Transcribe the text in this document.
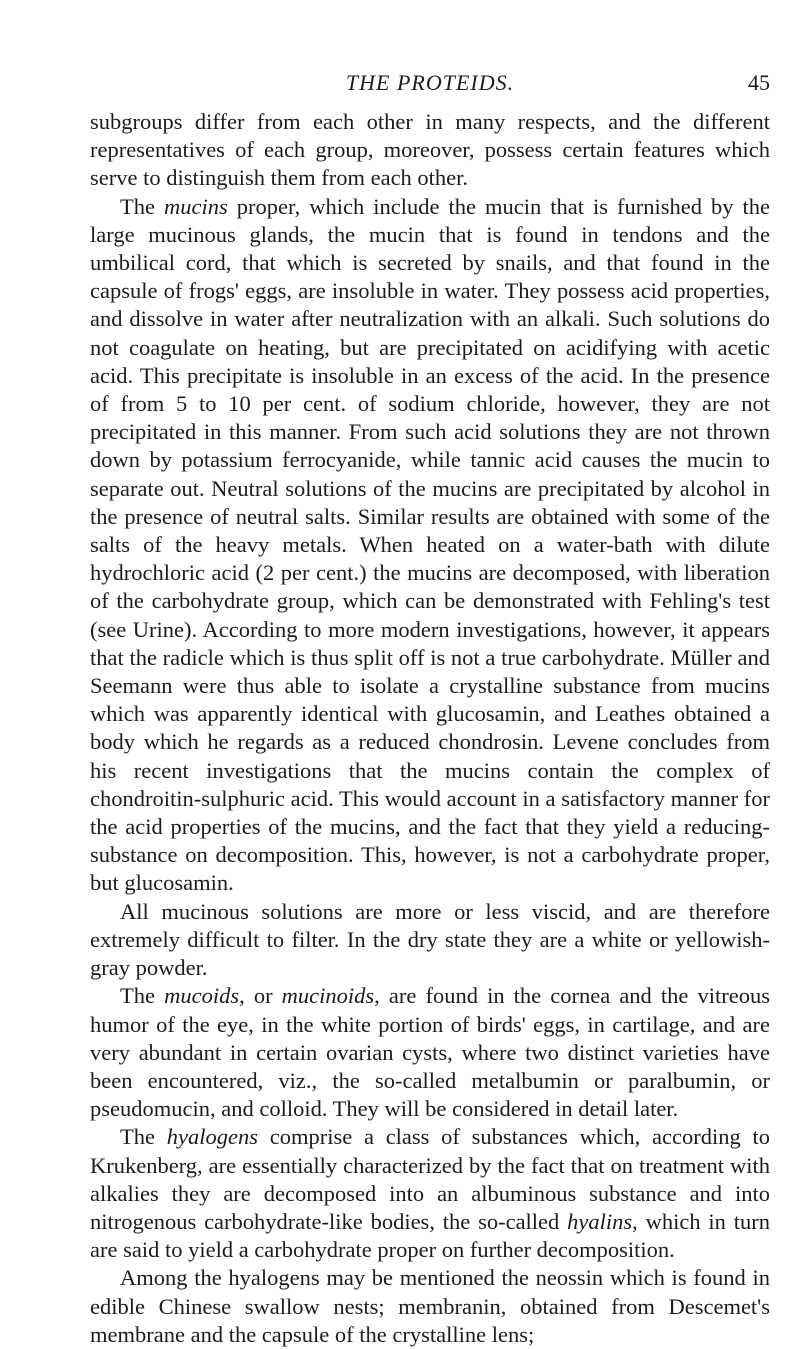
THE PROTEIDS.	45

subgroups differ from each other in many respects, and the different representatives of each group, moreover, possess certain features which serve to distinguish them from each other.

The mucins proper, which include the mucin that is furnished by the large mucinous glands, the mucin that is found in tendons and the umbilical cord, that which is secreted by snails, and that found in the capsule of frogs' eggs, are insoluble in water. They possess acid properties, and dissolve in water after neutralization with an alkali. Such solutions do not coagulate on heating, but are precipitated on acidifying with acetic acid. This precipitate is insoluble in an excess of the acid. In the presence of from 5 to 10 per cent. of sodium chloride, however, they are not precipitated in this manner. From such acid solutions they are not thrown down by potassium ferrocyanide, while tannic acid causes the mucin to separate out. Neutral solutions of the mucins are precipitated by alcohol in the presence of neutral salts. Similar results are obtained with some of the salts of the heavy metals. When heated on a water-bath with dilute hydrochloric acid (2 per cent.) the mucins are decomposed, with liberation of the carbohydrate group, which can be demonstrated with Fehling's test (see Urine). According to more modern investigations, however, it appears that the radicle which is thus split off is not a true carbohydrate. Müller and Seemann were thus able to isolate a crystalline substance from mucins which was apparently identical with glucosamin, and Leathes obtained a body which he regards as a reduced chondrosin. Levene concludes from his recent investigations that the mucins contain the complex of chondroitin-sulphuric acid. This would account in a satisfactory manner for the acid properties of the mucins, and the fact that they yield a reducing-substance on decomposition. This, however, is not a carbohydrate proper, but glucosamin.

All mucinous solutions are more or less viscid, and are therefore extremely difficult to filter. In the dry state they are a white or yellowish-gray powder.

The mucoids, or mucinoids, are found in the cornea and the vitreous humor of the eye, in the white portion of birds' eggs, in cartilage, and are very abundant in certain ovarian cysts, where two distinct varieties have been encountered, viz., the so-called metalbumin or paralbumin, or pseudomucin, and colloid. They will be considered in detail later.

The hyalogens comprise a class of substances which, according to Krukenberg, are essentially characterized by the fact that on treatment with alkalies they are decomposed into an albuminous substance and into nitrogenous carbohydrate-like bodies, the so-called hyalins, which in turn are said to yield a carbohydrate proper on further decomposition.

Among the hyalogens may be mentioned the neossin which is found in edible Chinese swallow nests; membranin, obtained from Descemet's membrane and the capsule of the crystalline lens;
